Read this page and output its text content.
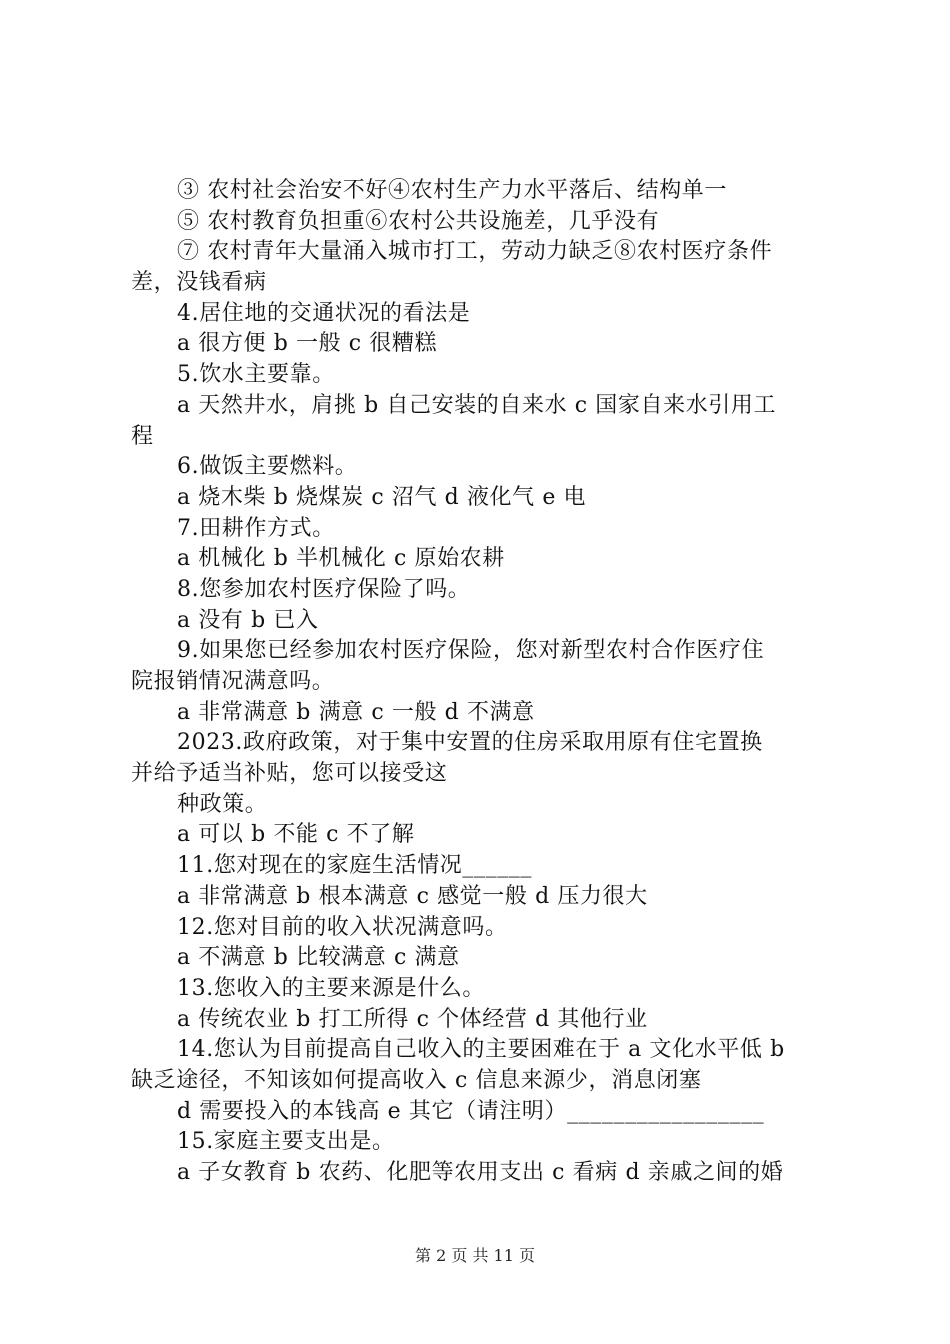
③ 农村社会治安不好④农村生产力水平落后、结构单一
⑤ 农村教育负担重⑥农村公共设施差，几乎没有
⑦ 农村青年大量涌入城市打工，劳动力缺乏⑧农村医疗条件
差，没钱看病
4.居住地的交通状况的看法是
a 很方便 b 一般 c 很糟糕
5.饮水主要靠。
a 天然井水，肩挑 b 自己安装的自来水 c 国家自来水引用工
程
6.做饭主要燃料。
a 烧木柴 b 烧煤炭 c 沼气 d 液化气 e 电
7.田耕作方式。
a 机械化 b 半机械化 c 原始农耕
8.您参加农村医疗保险了吗。
a 没有 b 已入
9.如果您已经参加农村医疗保险，您对新型农村合作医疗住
院报销情况满意吗。
a 非常满意 b 满意 c 一般 d 不满意
2023.政府政策，对于集中安置的住房采取用原有住宅置换
并给予适当补贴，您可以接受这
种政策。
a 可以 b 不能 c 不了解
11.您对现在的家庭生活情况______
a 非常满意 b 根本满意 c 感觉一般 d 压力很大
12.您对目前的收入状况满意吗。
a 不满意 b 比较满意 c 满意
13.您收入的主要来源是什么。
a 传统农业 b 打工所得 c 个体经营 d 其他行业
14.您认为目前提高自己收入的主要困难在于 a 文化水平低 b
缺乏途径，不知该如何提高收入 c 信息来源少，消息闭塞
d 需要投入的本钱高 e 其它（请注明）_________________
15.家庭主要支出是。
a 子女教育 b 农药、化肥等农用支出 c 看病 d 亲戚之间的婚
第 2 页 共 11 页
